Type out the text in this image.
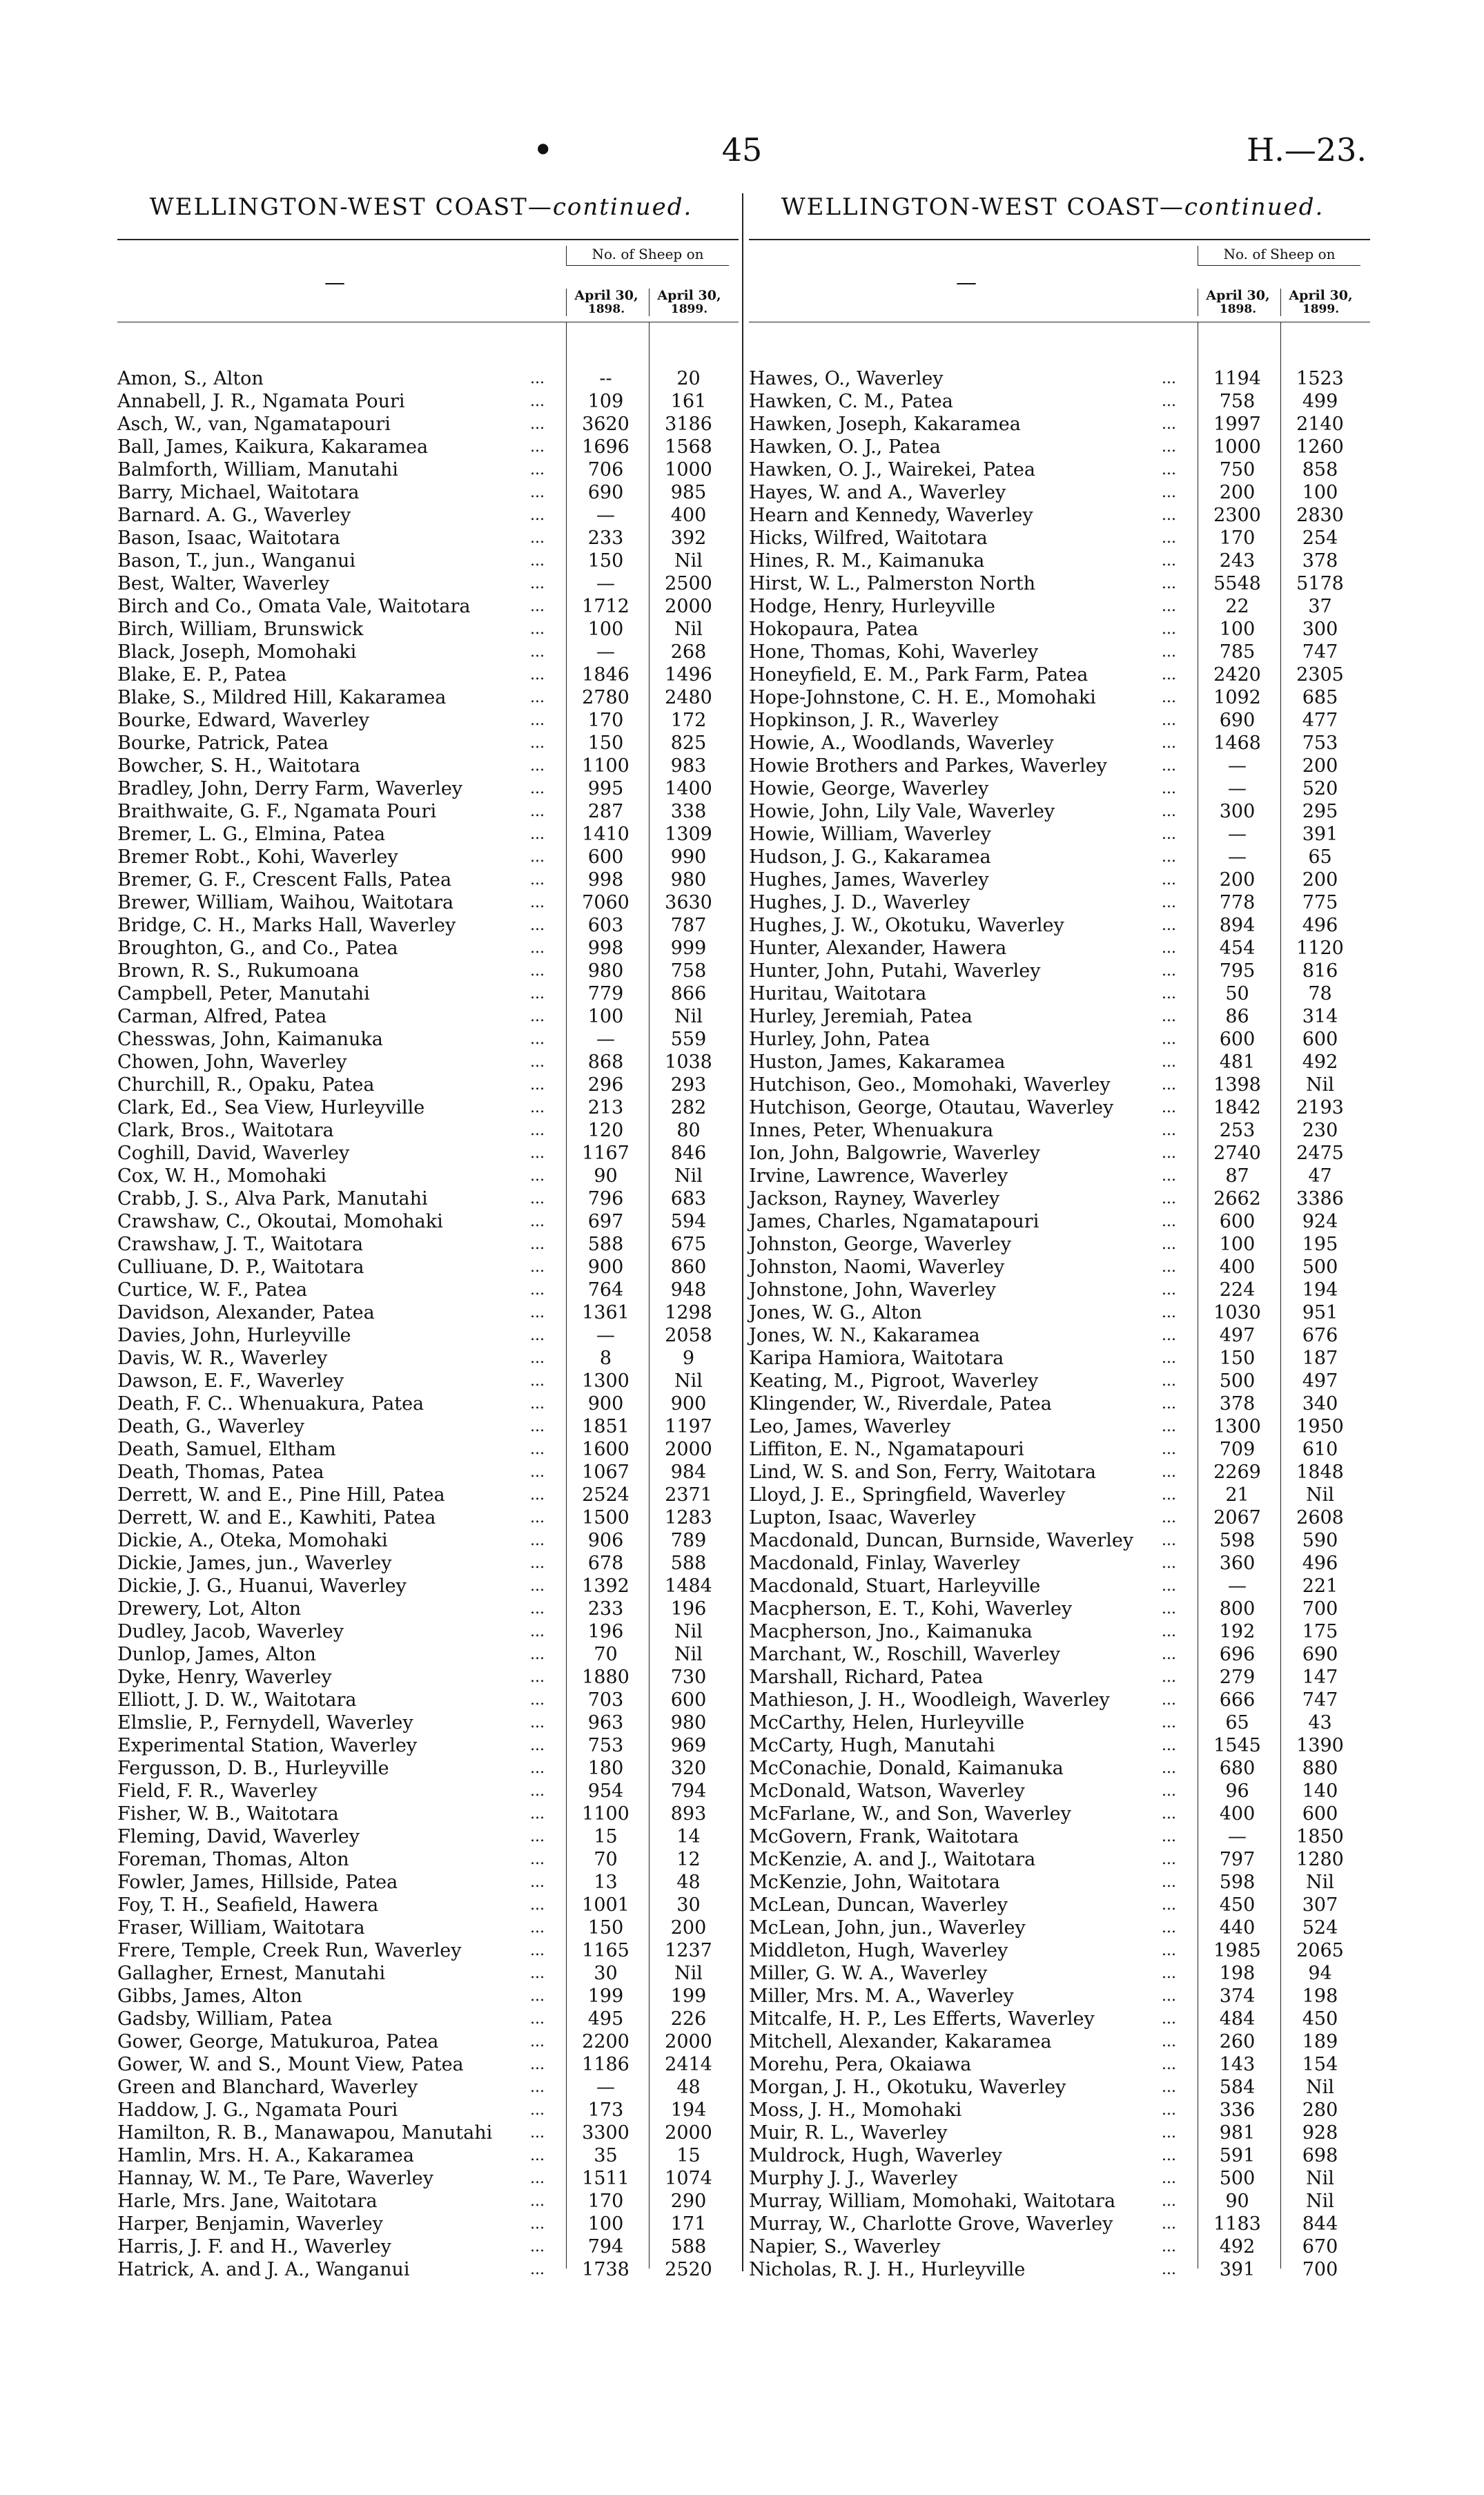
●	45	H.—23.
WELLINGTON-WEST COAST—continued.
—
No. of Sheep on
April 30,
1898.
April 30,
1899.
Amon, S., Alton	...	--	20
Annabell, J. R., Ngamata Pouri	...	109	161
Asch, W., van, Ngamatapouri	...	3620	3186
Ball, James, Kaikura, Kakaramea	...	1696	1568
Balmforth, William, Manutahi	...	706	1000
Barry, Michael, Waitotara	...	690	985
Barnard. A. G., Waverley	...	—	400
Bason, Isaac, Waitotara	...	233	392
Bason, T., jun., Wanganui	...	150	Nil
Best, Walter, Waverley	...	—	2500
Birch and Co., Omata Vale, Waitotara	...	1712	2000
Birch, William, Brunswick	...	100	Nil
Black, Joseph, Momohaki	...	—	268
Blake, E. P., Patea	...	1846	1496
Blake, S., Mildred Hill, Kakaramea	...	2780	2480
Bourke, Edward, Waverley	...	170	172
Bourke, Patrick, Patea	...	150	825
Bowcher, S. H., Waitotara	...	1100	983
Bradley, John, Derry Farm, Waverley	...	995	1400
Braithwaite, G. F., Ngamata Pouri	...	287	338
Bremer, L. G., Elmina, Patea	...	1410	1309
Bremer Robt., Kohi, Waverley	...	600	990
Bremer, G. F., Crescent Falls, Patea	...	998	980
Brewer, William, Waihou, Waitotara	...	7060	3630
Bridge, C. H., Marks Hall, Waverley	...	603	787
Broughton, G., and Co., Patea	...	998	999
Brown, R. S., Rukumoana	...	980	758
Campbell, Peter, Manutahi	...	779	866
Carman, Alfred, Patea	...	100	Nil
Chesswas, John, Kaimanuka	...	—	559
Chowen, John, Waverley	...	868	1038
Churchill, R., Opaku, Patea	...	296	293
Clark, Ed., Sea View, Hurleyville	...	213	282
Clark, Bros., Waitotara	...	120	80
Coghill, David, Waverley	...	1167	846
Cox, W. H., Momohaki	...	90	Nil
Crabb, J. S., Alva Park, Manutahi	...	796	683
Crawshaw, C., Okoutai, Momohaki	...	697	594
Crawshaw, J. T., Waitotara	...	588	675
Culliuane, D. P., Waitotara	...	900	860
Curtice, W. F., Patea	...	764	948
Davidson, Alexander, Patea	...	1361	1298
Davies, John, Hurleyville	...	—	2058
Davis, W. R., Waverley	...	8	9
Dawson, E. F., Waverley	...	1300	Nil
Death, F. C.. Whenuakura, Patea	...	900	900
Death, G., Waverley	...	1851	1197
Death, Samuel, Eltham	...	1600	2000
Death, Thomas, Patea	...	1067	984
Derrett, W. and E., Pine Hill, Patea	...	2524	2371
Derrett, W. and E., Kawhiti, Patea	...	1500	1283
Dickie, A., Oteka, Momohaki	...	906	789
Dickie, James, jun., Waverley	...	678	588
Dickie, J. G., Huanui, Waverley	...	1392	1484
Drewery, Lot, Alton	...	233	196
Dudley, Jacob, Waverley	...	196	Nil
Dunlop, James, Alton	...	70	Nil
Dyke, Henry, Waverley	...	1880	730
Elliott, J. D. W., Waitotara	...	703	600
Elmslie, P., Fernydell, Waverley	...	963	980
Experimental Station, Waverley	...	753	969
Fergusson, D. B., Hurleyville	...	180	320
Field, F. R., Waverley	...	954	794
Fisher, W. B., Waitotara	...	1100	893
Fleming, David, Waverley	...	15	14
Foreman, Thomas, Alton	...	70	12
Fowler, James, Hillside, Patea	...	13	48
Foy, T. H., Seafield, Hawera	...	1001	30
Fraser, William, Waitotara	...	150	200
Frere, Temple, Creek Run, Waverley	...	1165	1237
Gallagher, Ernest, Manutahi	...	30	Nil
Gibbs, James, Alton	...	199	199
Gadsby, William, Patea	...	495	226
Gower, George, Matukuroa, Patea	...	2200	2000
Gower, W. and S., Mount View, Patea	...	1186	2414
Green and Blanchard, Waverley	...	—	48
Haddow, J. G., Ngamata Pouri	...	173	194
Hamilton, R. B., Manawapou, Manutahi ...	3300	2000
Hamlin, Mrs. H. A., Kakaramea	...	35	15
Hannay, W. M., Te Pare, Waverley	...	1511	1074
Harle, Mrs. Jane, Waitotara	...	170	290
Harper, Benjamin, Waverley	...	100	171
Harris, J. F. and H., Waverley	...	794	588
Hatrick, A. and J. A., Wanganui	...	1738	2520
WELLINGTON-WEST COAST—continued.
—
No. of Sheep on
April 30,
1898.
April 30,
1899.
Hawes, O., Waverley	...	1194	1523
Hawken, C. M., Patea	...	758	499
Hawken, Joseph, Kakaramea	...	1997	2140
Hawken, O. J., Patea	...	1000	1260
Hawken, O. J., Wairekei, Patea	...	750	858
Hayes, W. and A., Waverley	...	200	100
Hearn and Kennedy, Waverley	...	2300	2830
Hicks, Wilfred, Waitotara	...	170	254
Hines, R. M., Kaimanuka	...	243	378
Hirst, W. L., Palmerston North	...	5548	5178
Hodge, Henry, Hurleyville	...	22	37
Hokopaura, Patea	...	100	300
Hone, Thomas, Kohi, Waverley	...	785	747
Honeyfield, E. M., Park Farm, Patea	...	2420	2305
Hope-Johnstone, C. H. E., Momohaki	...	1092	685
Hopkinson, J. R., Waverley	...	690	477
Howie, A., Woodlands, Waverley	...	1468	753
Howie Brothers and Parkes, Waverley	...	—	200
Howie, George, Waverley	...	—	520
Howie, John, Lily Vale, Waverley	...	300	295
Howie, William, Waverley	...	—	391
Hudson, J. G., Kakaramea	...	—	65
Hughes, James, Waverley	...	200	200
Hughes, J. D., Waverley	...	778	775
Hughes, J. W., Okotuku, Waverley	...	894	496
Hunter, Alexander, Hawera	...	454	1120
Hunter, John, Putahi, Waverley	...	795	816
Huritau, Waitotara	...	50	78
Hurley, Jeremiah, Patea	...	86	314
Hurley, John, Patea	...	600	600
Huston, James, Kakaramea	...	481	492
Hutchison, Geo., Momohaki, Waverley	...	1398	Nil
Hutchison, George, Otautau, Waverley	...	1842	2193
Innes, Peter, Whenuakura	...	253	230
Ion, John, Balgowrie, Waverley	...	2740	2475
Irvine, Lawrence, Waverley	...	87	47
Jackson, Rayney, Waverley	...	2662	3386
James, Charles, Ngamatapouri	...	600	924
Johnston, George, Waverley	...	100	195
Johnston, Naomi, Waverley	...	400	500
Johnstone, John, Waverley	...	224	194
Jones, W. G., Alton	...	1030	951
Jones, W. N., Kakaramea	...	497	676
Karipa Hamiora, Waitotara	...	150	187
Keating, M., Pigroot, Waverley	...	500	497
Klingender, W., Riverdale, Patea	...	378	340
Leo, James, Waverley	...	1300	1950
Liffiton, E. N., Ngamatapouri	...	709	610
Lind, W. S. and Son, Ferry, Waitotara	...	2269	1848
Lloyd, J. E., Springfield, Waverley	...	21	Nil
Lupton, Isaac, Waverley	...	2067	2608
Macdonald, Duncan, Burnside, Waverley ...	598	590
Macdonald, Finlay, Waverley	...	360	496
Macdonald, Stuart, Harleyville	...	—	221
Macpherson, E. T., Kohi, Waverley	...	800	700
Macpherson, Jno., Kaimanuka	...	192	175
Marchant, W., Roschill, Waverley	...	696	690
Marshall, Richard, Patea	...	279	147
Mathieson, J. H., Woodleigh, Waverley	...	666	747
McCarthy, Helen, Hurleyville	...	65	43
McCarty, Hugh, Manutahi	...	1545	1390
McConachie, Donald, Kaimanuka	...	680	880
McDonald, Watson, Waverley	...	96	140
McFarlane, W., and Son, Waverley	...	400	600
McGovern, Frank, Waitotara	...	—	1850
McKenzie, A. and J., Waitotara	...	797	1280
McKenzie, John, Waitotara	...	598	Nil
McLean, Duncan, Waverley	...	450	307
McLean, John, jun., Waverley	...	440	524
Middleton, Hugh, Waverley	...	1985	2065
Miller, G. W. A., Waverley	...	198	94
Miller, Mrs. M. A., Waverley	...	374	198
Mitcalfe, H. P., Les Efferts, Waverley	...	484	450
Mitchell, Alexander, Kakaramea	...	260	189
Morehu, Pera, Okaiawa	...	143	154
Morgan, J. H., Okotuku, Waverley	...	584	Nil
Moss, J. H., Momohaki	...	336	280
Muir, R. L., Waverley	...	981	928
Muldrock, Hugh, Waverley	...	591	698
Murphy J. J., Waverley	...	500	Nil
Murray, William, Momohaki, Waitotara	...	90	Nil
Murray, W., Charlotte Grove, Waverley	...	1183	844
Napier, S., Waverley	...	492	670
Nicholas, R. J. H., Hurleyville	...	391	700
